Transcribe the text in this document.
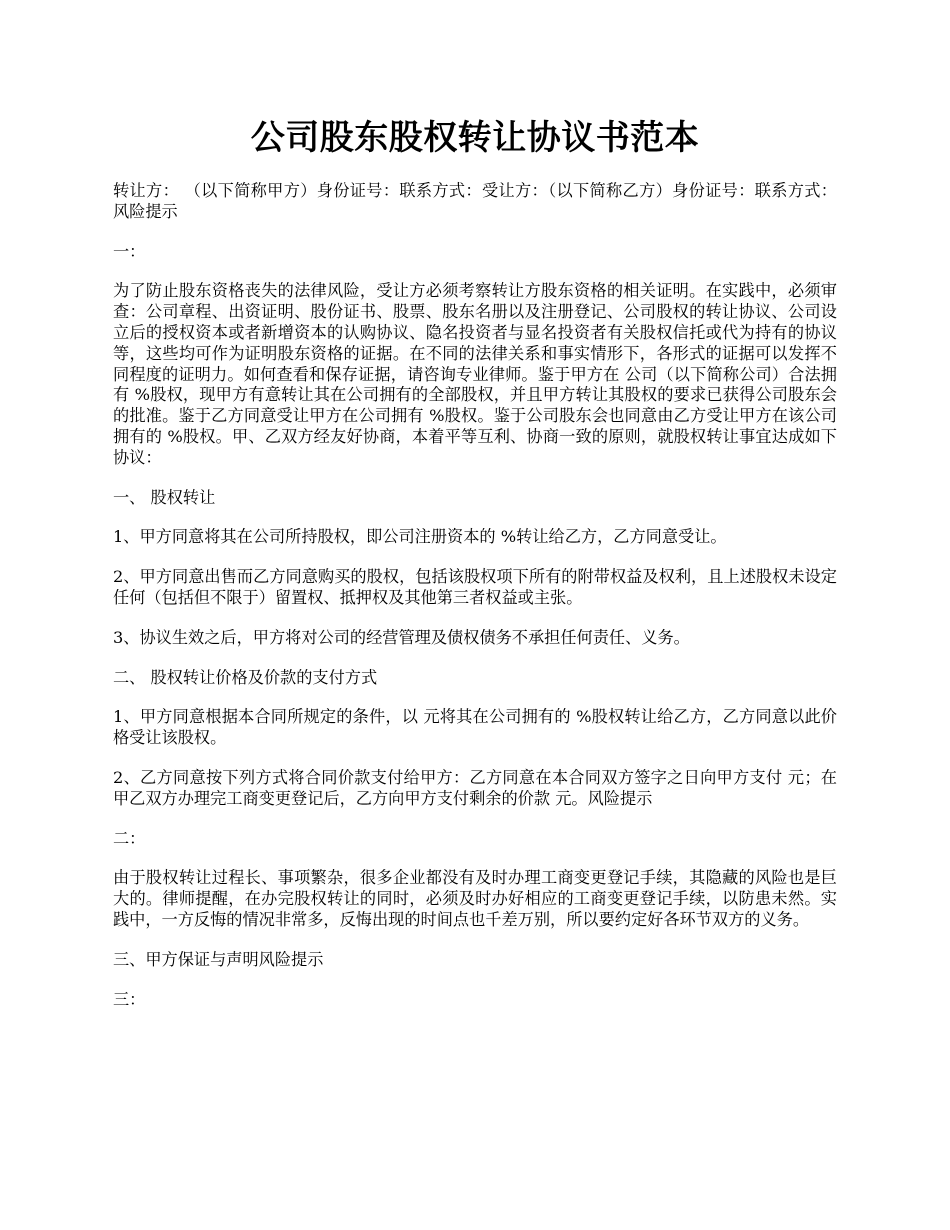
公司股东股权转让协议书范本

转让方： （以下简称甲方）身份证号：联系方式：受让方：（以下简称乙方）身份证号：联系方式：风险提示

一：

为了防止股东资格丧失的法律风险，受让方必须考察转让方股东资格的相关证明。在实践中，必须审查：公司章程、出资证明、股份证书、股票、股东名册以及注册登记、公司股权的转让协议、公司设立后的授权资本或者新增资本的认购协议、隐名投资者与显名投资者有关股权信托或代为持有的协议等，这些均可作为证明股东资格的证据。在不同的法律关系和事实情形下，各形式的证据可以发挥不同程度的证明力。如何查看和保存证据，请咨询专业律师。鉴于甲方在 公司（以下简称公司）合法拥有 %股权，现甲方有意转让其在公司拥有的全部股权，并且甲方转让其股权的要求已获得公司股东会的批准。鉴于乙方同意受让甲方在公司拥有 %股权。鉴于公司股东会也同意由乙方受让甲方在该公司拥有的 %股权。甲、乙双方经友好协商，本着平等互利、协商一致的原则，就股权转让事宜达成如下协议：

一、 股权转让

1、甲方同意将其在公司所持股权，即公司注册资本的 %转让给乙方，乙方同意受让。

2、甲方同意出售而乙方同意购买的股权，包括该股权项下所有的附带权益及权利，且上述股权未设定任何（包括但不限于）留置权、抵押权及其他第三者权益或主张。

3、协议生效之后，甲方将对公司的经营管理及债权债务不承担任何责任、义务。

二、 股权转让价格及价款的支付方式

1、甲方同意根据本合同所规定的条件，以 元将其在公司拥有的 %股权转让给乙方，乙方同意以此价格受让该股权。

2、乙方同意按下列方式将合同价款支付给甲方：乙方同意在本合同双方签字之日向甲方支付 元；在甲乙双方办理完工商变更登记后，乙方向甲方支付剩余的价款 元。风险提示

二：

由于股权转让过程长、事项繁杂，很多企业都没有及时办理工商变更登记手续，其隐藏的风险也是巨大的。律师提醒，在办完股权转让的同时，必须及时办好相应的工商变更登记手续，以防患未然。实践中，一方反悔的情况非常多，反悔出现的时间点也千差万别，所以要约定好各环节双方的义务。

三、甲方保证与声明风险提示

三：
